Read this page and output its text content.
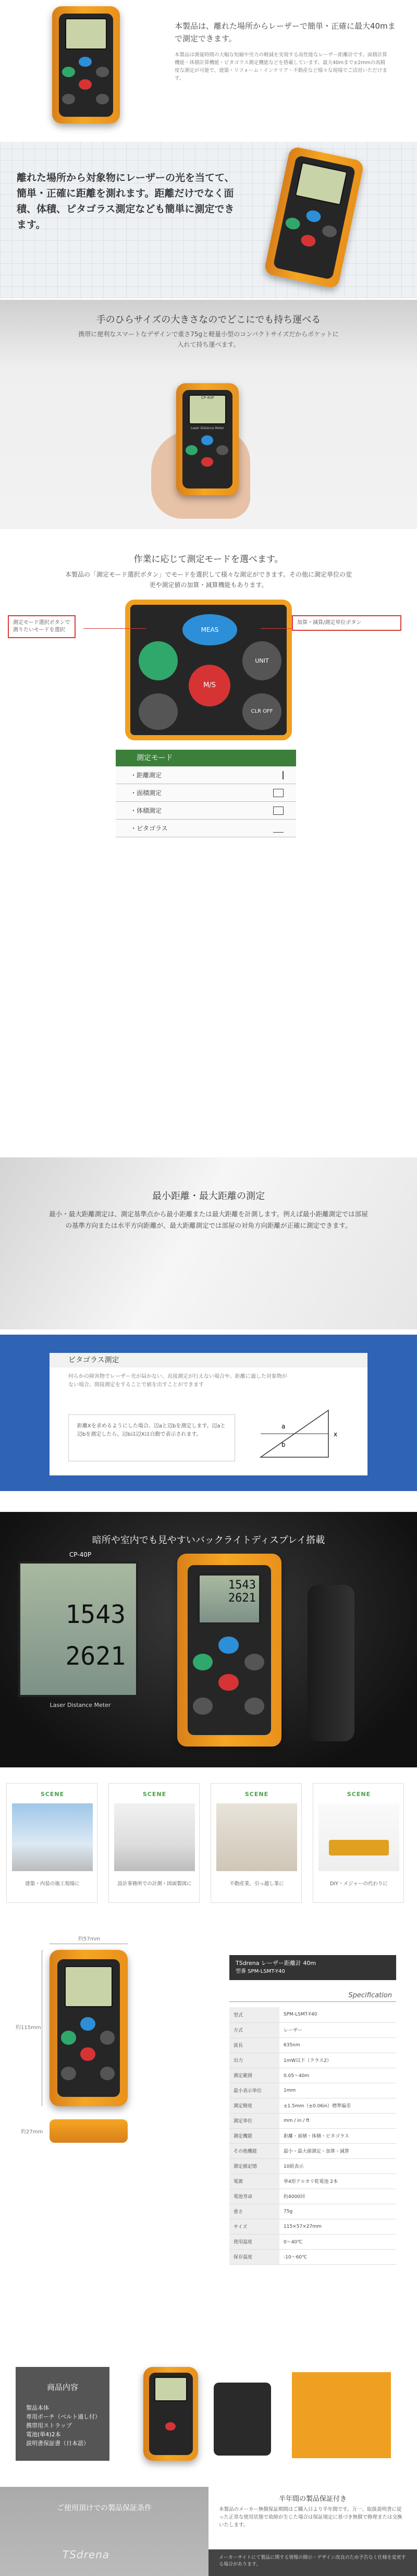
本製品は、離れた場所からレーザーで簡単・正確に最大40mまで測定できます。
本製品は測量時間の大幅な短縮や労力の軽減を実現する高性能なレーザー距離計です。面積計算機能・体積計算機能・ピタゴラス測定機能などを搭載しています。最大40mまで±2mmの高精度な測定が可能で、建築・リフォーム・インテリア・不動産など様々な現場でご活用いただけます。
離れた場所から対象物にレーザーの光を当てて、簡単・正確に距離を測れます。距離だけでなく面積、体積、ピタゴラス測定なども簡単に測定できます。
手のひらサイズの大きさなのでどこにでも持ち運べる
携帯に便利なスマートなデザインで重さ75gと軽量小型のコンパクトサイズだからポケットに入れて持ち運べます。
CP-40P
Laser Distance Meter
作業に応じて測定モードを選べます。
本製品の「測定モード選択ボタン」でモードを選択して様々な測定ができます。その他に測定単位の変更や測定値の加算・減算機能もあります。
測定モード選択ボタンで測りたいモードを選択
加算・減算/測定単位ボタン
MEAS
UNIT
M/S
CLR OFF
測定モード
・距離測定
・面積測定
・体積測定
・ピタゴラス
最小距離・最大距離の測定
最小・最大距離測定は、測定基準点から最小距離または最大距離を計測します。例えば最小距離測定では部屋の基準方向または水平方向距離が、最大距離測定では部屋の対角方向距離が正確に測定できます。
ピタゴラス測定
何らかの障害物でレーザー光が届かない、直接測定が行えない場合や、距離に適した対象物がない場合、間接測定をすることで値を出すことができます
距離Xを求めるようにした場合、辺aと辺bを測定します。辺aと辺bを測定したら、辺bは辺Xは自動で表示されます。
a
b
x
暗所や室内でも見やすいバックライトディスプレイ搭載
CP-40P
1543
2621
Laser Distance Meter
1543
2621
SCENE
建築・内装の施工現場に
SCENE
設計事務所での計測・図面製図に
SCENE
不動産業、引っ越し業に
SCENE
DIY・メジャーの代わりに
約57mm
約115mm
約27mm
TSdrena レーザー距離計 40m
型番 SPM-LSMT-Y40
Specification
型式	SPM-LSMT-Y40
方式	レーザー
波長	635nm
出力	1mW以下（クラス2）
測定範囲	0.05〜40m
最小表示単位	1mm
測定精度	±1.5mm（±0.06in）標準偏差
測定単位	mm / in / ft
測定機能	距離・面積・体積・ピタゴラス
その他機能	最小・最大値測定・加算・減算
測定値記憶	10組表示
電源	単4形アルカリ乾電池 2本
電池寿命	約4000回
重さ	75g
サイズ	115×57×27mm
使用温度	0〜40℃
保存温度	-10〜60℃
商品内容
製品本体
専用ポーチ（ベルト通し付）
携帯用ストラップ
電池(単4)2本
説明書保証書（日本語）
ご使用頂けでの製品保証条件
TSdrena
半年間の製品保証付き
本製品のメーカー無償保証期間はご購入日より半年間です。万一、取扱説明書に従った正常な使用状態で故障が生じた場合は保証規定に基づき無償で修理または交換いたします。
メーカーサイトにて製品に関する情報の開示・デザイン改良のため予告なく仕様を変更する場合があります。
